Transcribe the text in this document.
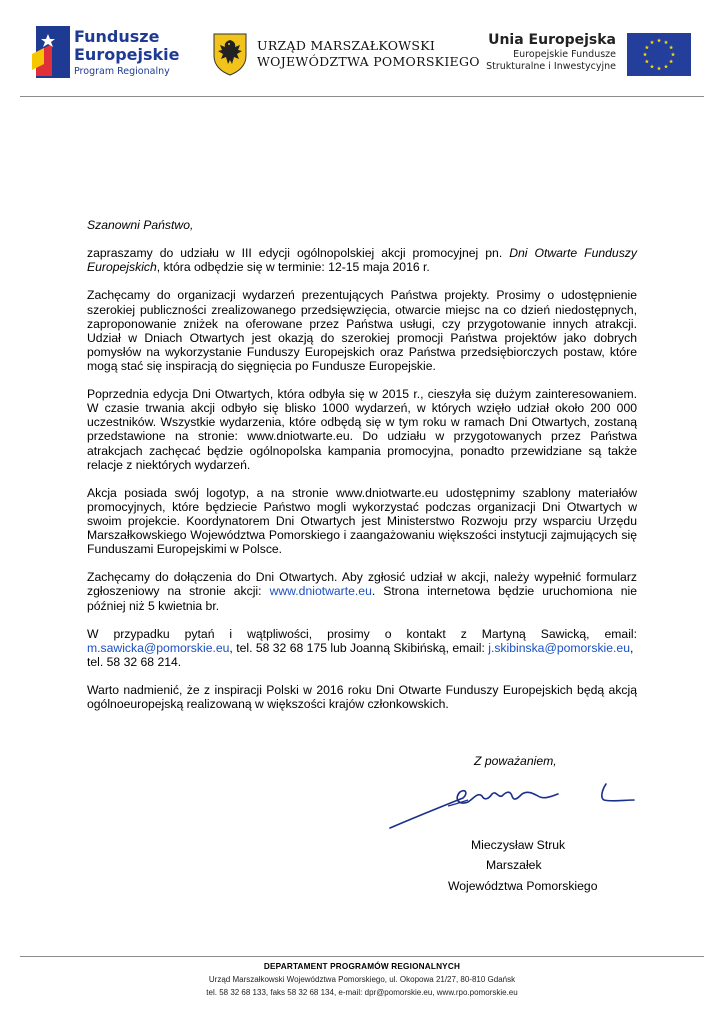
Fundusze
Europejskie
Program Regionalny
URZĄD MARSZAŁKOWSKI
WOJEWÓDZTWA POMORSKIEGO
Unia Europejska
Europejskie Fundusze
Strukturalne i Inwestycyjne

Szanowni Państwo,

zapraszamy do udziału w III edycji ogólnopolskiej akcji promocyjnej pn. Dni Otwarte Funduszy Europejskich, która odbędzie się w terminie: 12-15 maja 2016 r.

Zachęcamy do organizacji wydarzeń prezentujących Państwa projekty. Prosimy o udostępnienie szerokiej publiczności zrealizowanego przedsięwzięcia, otwarcie miejsc na co dzień niedostępnych, zaproponowanie zniżek na oferowane przez Państwa usługi, czy przygotowanie innych atrakcji. Udział w Dniach Otwartych jest okazją do szerokiej promocji Państwa projektów jako dobrych pomysłów na wykorzystanie Funduszy Europejskich oraz Państwa przedsiębiorczych postaw, które mogą stać się inspiracją do sięgnięcia po Fundusze Europejskie.

Poprzednia edycja Dni Otwartych, która odbyła się w 2015 r., cieszyła się dużym zainteresowaniem. W czasie trwania akcji odbyło się blisko 1000 wydarzeń, w których wzięło udział około 200 000 uczestników. Wszystkie wydarzenia, które odbędą się w tym roku w ramach Dni Otwartych, zostaną przedstawione na stronie: www.dniotwarte.eu. Do udziału w przygotowanych przez Państwa atrakcjach zachęcać będzie ogólnopolska kampania promocyjna, ponadto przewidziane są także relacje z niektórych wydarzeń.

Akcja posiada swój logotyp, a na stronie www.dniotwarte.eu udostępnimy szablony materiałów promocyjnych, które będziecie Państwo mogli wykorzystać podczas organizacji Dni Otwartych w swoim projekcie. Koordynatorem Dni Otwartych jest Ministerstwo Rozwoju przy wsparciu Urzędu Marszałkowskiego Województwa Pomorskiego i zaangażowaniu większości instytucji zajmujących się Funduszami Europejskimi w Polsce.

Zachęcamy do dołączenia do Dni Otwartych. Aby zgłosić udział w akcji, należy wypełnić formularz zgłoszeniowy na stronie akcji: www.dniotwarte.eu. Strona internetowa będzie uruchomiona nie później niż 5 kwietnia br.

W przypadku pytań i wątpliwości, prosimy o kontakt z Martyną Sawicką, email: m.sawicka@pomorskie.eu, tel. 58 32 68 175 lub Joanną Skibińską, email: j.skibinska@pomorskie.eu,
tel. 58 32 68 214.

Warto nadmienić, że z inspiracji Polski w 2016 roku Dni Otwarte Funduszy Europejskich będą akcją ogólnoeuropejską realizowaną w większości krajów członkowskich.

Z poważaniem,
Mieczysław Struk
Marszałek
Województwa Pomorskiego
DEPARTAMENT PROGRAMÓW REGIONALNYCH
Urząd Marszałkowski Województwa Pomorskiego, ul. Okopowa 21/27, 80-810 Gdańsk
tel. 58 32 68 133, faks 58 32 68 134, e-mail: dpr@pomorskie.eu, www.rpo.pomorskie.eu
